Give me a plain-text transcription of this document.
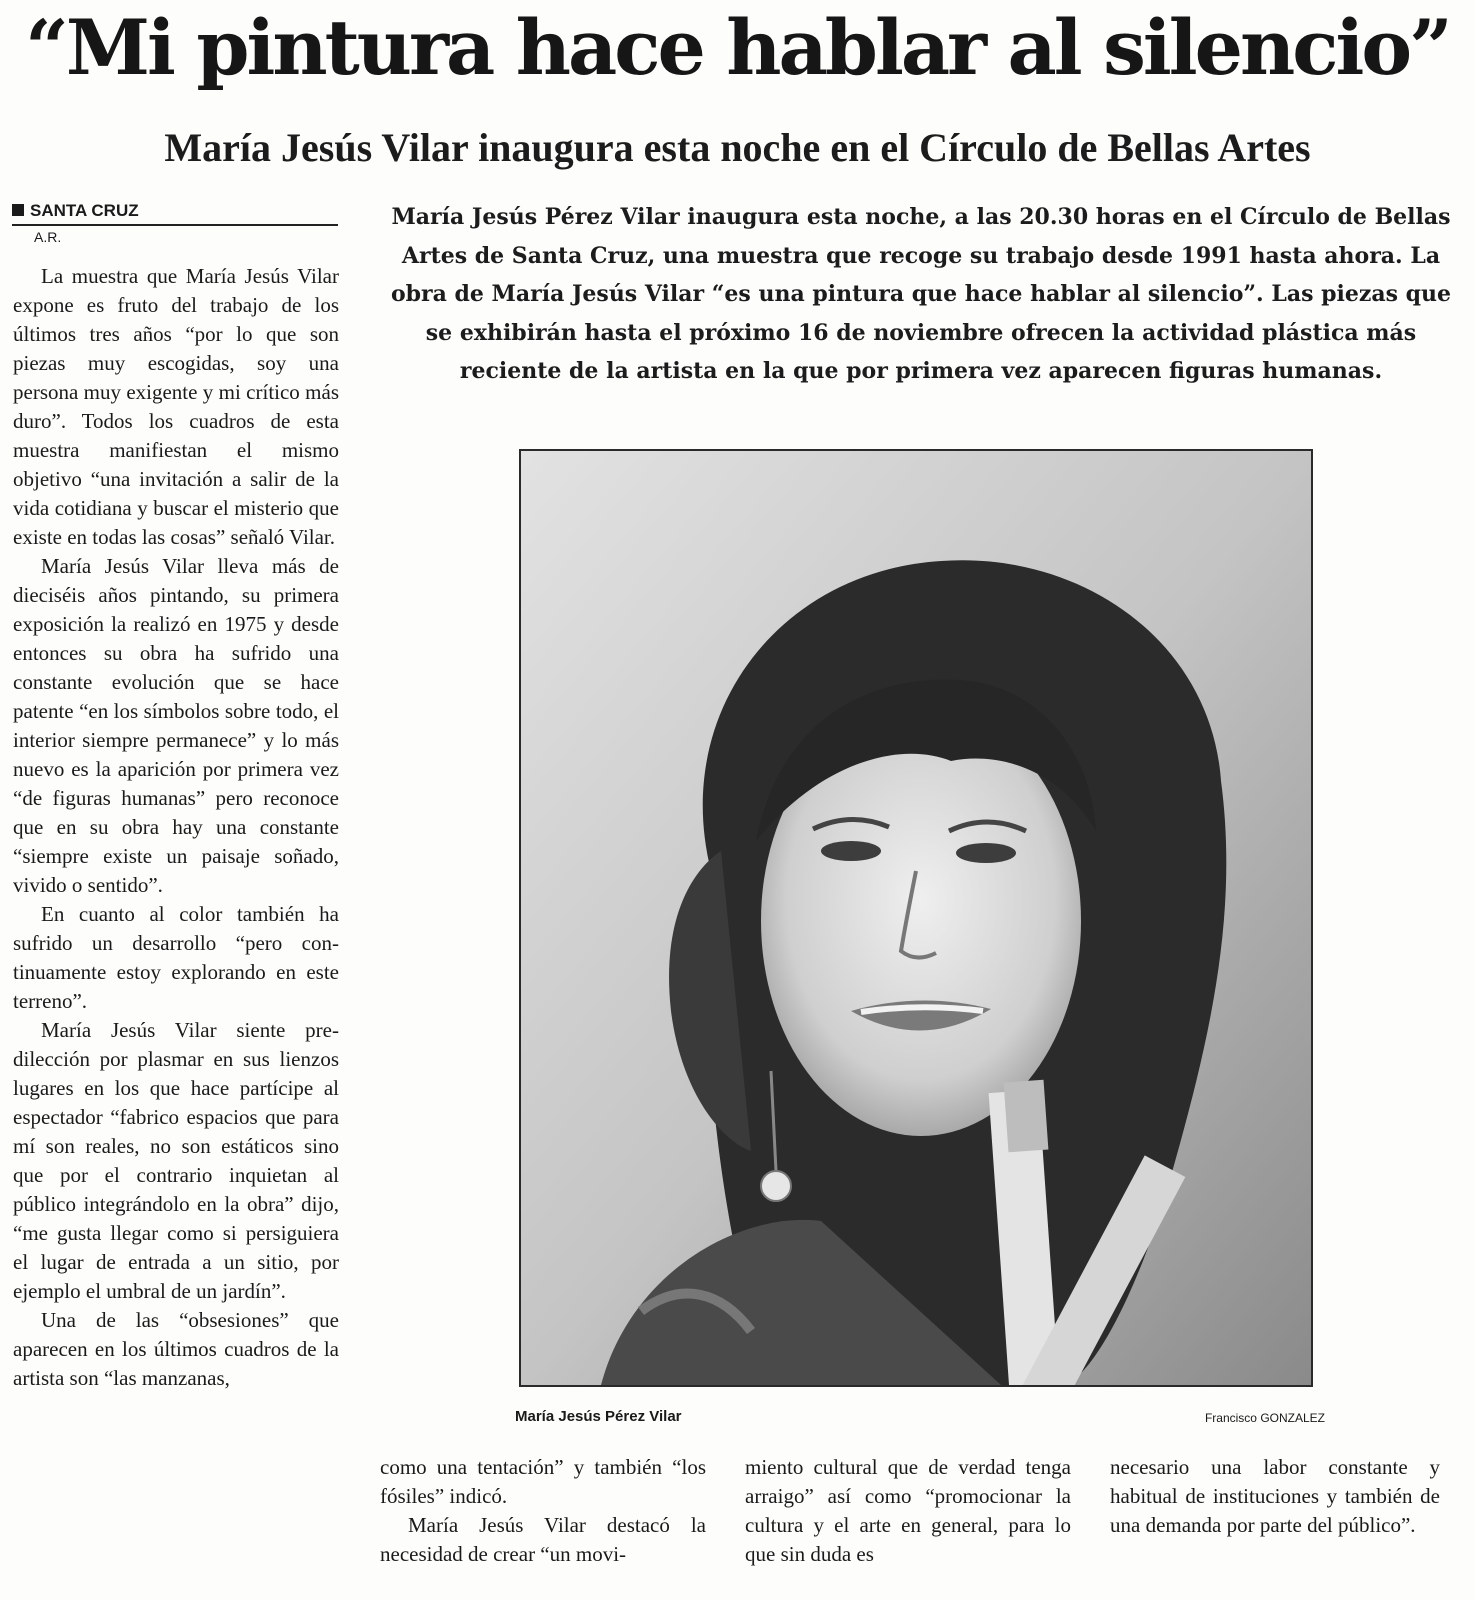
“Mi pintura hace hablar al silencio”
María Jesús Vilar inaugura esta noche en el Círculo de Bellas Artes
SANTA CRUZ
A.R.

La muestra que María Jesús Vilar expone es fruto del trabajo de los últimos tres años “por lo que son piezas muy escogidas, soy una persona muy exigente y mi crítico más duro”. Todos los cuadros de esta muestra manifiestan el mismo objetivo “una invitación a salir de la vida cotidiana y buscar el misterio que existe en todas las cosas” señaló Vilar.

María Jesús Vilar lleva más de dieciséis años pintando, su primera exposición la realizó en 1975 y desde entonces su obra ha sufrido una constante evolución que se hace patente “en los símbolos sobre todo, el interior siempre permanece” y lo más nuevo es la aparición por primera vez “de figuras humanas” pero reconoce que en su obra hay una constante “siempre existe un paisaje soñado, vivido o sentido”.

En cuanto al color también ha sufrido un desarrollo “pero continuamente estoy explorando en este terreno”.

María Jesús Vilar siente predilección por plasmar en sus lienzos lugares en los que hace partícipe al espectador “fabrico espacios que para mí son reales, no son estáticos sino que por el contrario inquietan al público integrándolo en la obra” dijo, “me gusta llegar como si persiguiera el lugar de entrada a un sitio, por ejemplo el umbral de un jardín”.

Una de las “obsesiones” que aparecen en los últimos cuadros de la artista son “las manzanas,

María Jesús Pérez Vilar inaugura esta noche, a las 20.30 horas en el Círculo de Bellas Artes de Santa Cruz, una muestra que recoge su trabajo desde 1991 hasta ahora. La obra de María Jesús Vilar “es una pintura que hace hablar al silencio”. Las piezas que se exhibirán hasta el próximo 16 de noviembre ofrecen la actividad plástica más reciente de la artista en la que por primera vez aparecen figuras humanas.
María Jesús Pérez Vilar	Francisco GONZALEZ

como una tentación” y también “los fósiles” indicó.

María Jesús Vilar destacó la necesidad de crear “un movi-

miento cultural que de verdad tenga arraigo” así como “promocionar la cultura y el arte en general, para lo que sin duda es

necesario una labor constante y habitual de instituciones y también de una demanda por parte del público”.
